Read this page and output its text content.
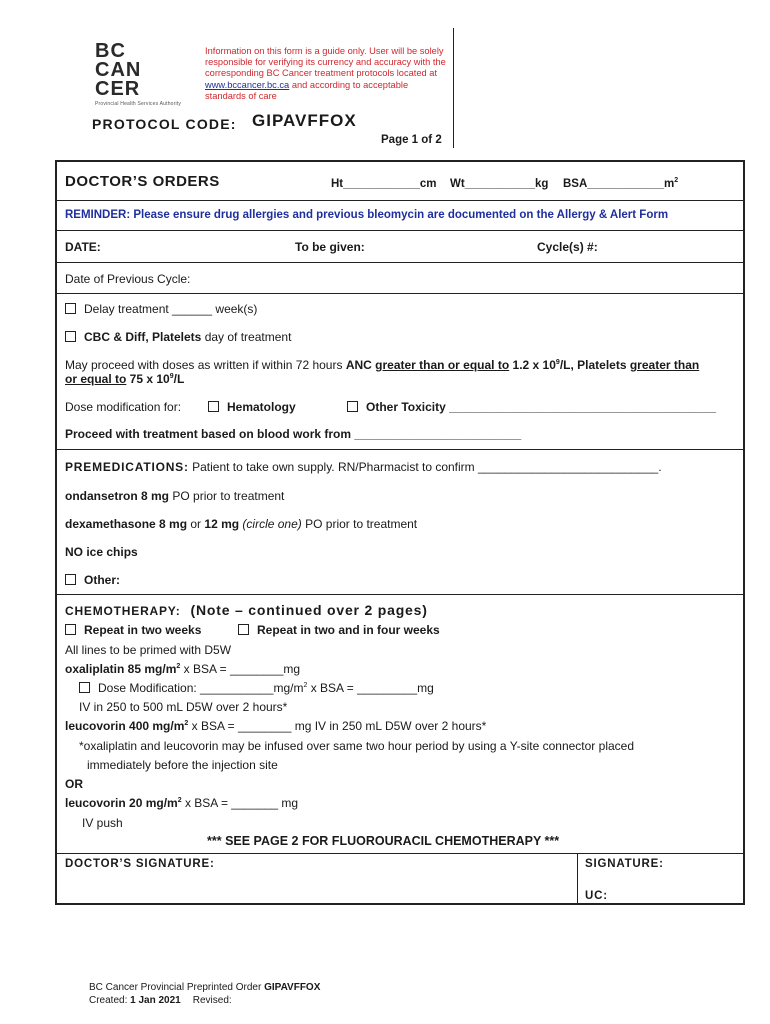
BC
CAN
CER
Provincial Health Services Authority
Information on this form is a guide only. User will be solely responsible for verifying its currency and accuracy with the corresponding BC Cancer treatment protocols located at www.bccancer.bc.ca and according to acceptable standards of care
PROTOCOL CODE: GIPAVFFOX
Page 1 of 2
DOCTOR’S ORDERS	Ht____________cm Wt___________kg $BSA\_\_\_\_\_\_\_\_\_\_\_\_m^2$
REMINDER: Please ensure drug allergies and previous bleomycin are documented on the Allergy & Alert Form
DATE:	To be given:	Cycle(s) #:
Date of Previous Cycle:
Delay treatment ______ week(s)
CBC & Diff, Platelets day of treatment
May proceed with doses as written if within 72 hours ANC greater than or equal to 1.2 x $10^9/L$, Platelets greater than
or equal to 75 x $10^9/L$
Dose modification for:	Hematology	Other Toxicity ________________________________________
Proceed with treatment based on blood work from _________________________
PREMEDICATIONS: Patient to take own supply. RN/Pharmacist to confirm ___________________________.
ondansetron 8 mg PO prior to treatment
dexamethasone 8 mg or 12 mg (circle one) PO prior to treatment
NO ice chips
Other:
CHEMOTHERAPY: (Note – continued over 2 pages)
Repeat in two weeks	Repeat in two and in four weeks
All lines to be primed with D5W
oxaliplatin 85 $mg/m^2$ x BSA = ________mg
Dose Modification: $\_\_\_\_\_\_\_\_\_\_\_mg/m^2$ x BSA = _________mg
IV in 250 to 500 mL D5W over 2 hours*
leucovorin 400 $mg/m^2$ x BSA = ________ mg IV in 250 mL D5W over 2 hours*
*oxaliplatin and leucovorin may be infused over same two hour period by using a Y-site connector placed
immediately before the injection site
OR
leucovorin 20 $mg/m^2$ x BSA = _______ mg
IV push
*** SEE PAGE 2 FOR FLUOROURACIL CHEMOTHERAPY ***
DOCTOR’S SIGNATURE:	SIGNATURE:
UC:
BC Cancer Provincial Preprinted Order GIPAVFFOX
Created: 1 Jan 2021 Revised:
